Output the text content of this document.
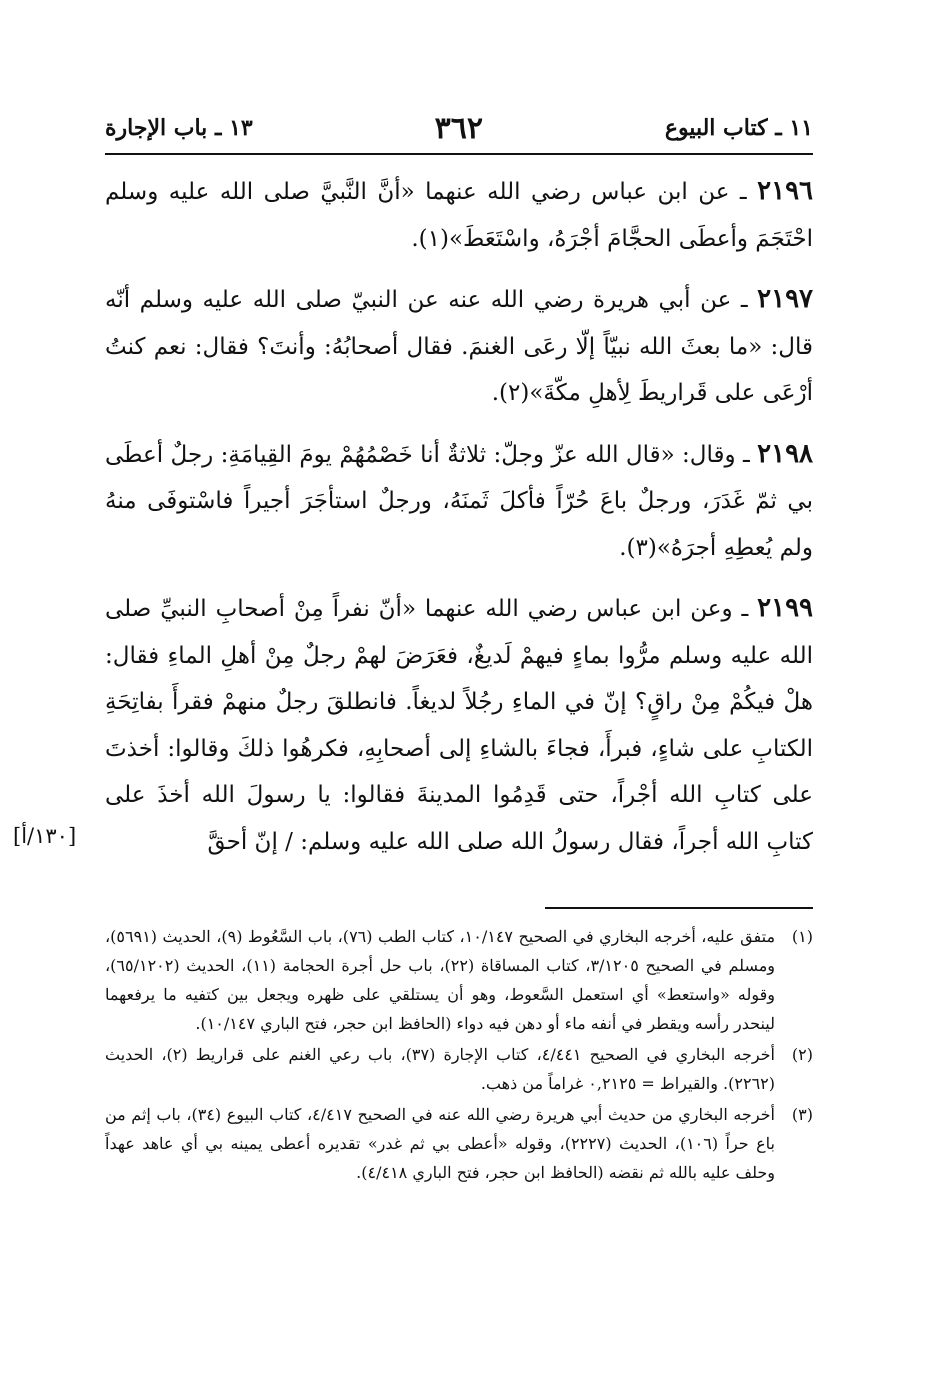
١١ ـ كتاب البيوع
٣٦٢
١٣ ـ باب الإجارة

٢١٩٦ ـ عن ابن عباس رضي الله عنهما «أنَّ النَّبيَّ صلى الله عليه وسلم احْتَجَمَ وأعطَى الحجَّامَ أجْرَهُ، واسْتَعَطَ»(١).

٢١٩٧ ـ عن أبي هريرة رضي الله عنه عن النبيّ صلى الله عليه وسلم أنّه قال: «ما بعثَ الله نبيّاً إلّا رعَى الغنمَ. فقال أصحابُهُ: وأنتَ؟ فقال: نعم كنتُ أرْعَى على قَراريطَ لِأهلِ مكّةَ»(٢).

٢١٩٨ ـ وقال: «قال الله عزّ وجلّ: ثلاثةٌ أنا خَصْمُهُمْ يومَ القِيامَةِ: رجلٌ أعطَى بي ثمّ غَدَرَ، ورجلٌ باعَ حُرّاً فأكلَ ثَمنَهُ، ورجلٌ استأجَرَ أجيراً فاسْتوفَى منهُ ولم يُعطِهِ أجرَهُ»(٣).

٢١٩٩ ـ وعن ابن عباس رضي الله عنهما «أنّ نفراً مِنْ أصحابِ النبيِّ صلى الله عليه وسلم مرُّوا بماءٍ فيهمْ لَديغٌ، فعَرَضَ لهمْ رجلٌ مِنْ أهلِ الماءِ فقال: هلْ فيكُمْ مِنْ راقٍ؟ إنّ في الماءِ رجُلاً لديغاً. فانطلقَ رجلٌ منهمْ فقرأَ بفاتِحَةِ الكتابِ على شاءٍ، فبرأَ، فجاءَ بالشاءِ إلى أصحابِهِ، فكرهُوا ذلكَ وقالوا: أخذتَ على كتابِ الله أجْراً، حتى قَدِمُوا المدينةَ فقالوا: يا رسولَ الله أخذَ على كتابِ الله أجراً، فقال رسولُ الله صلى الله عليه وسلم: / إنّ أحقَّ
[١٣٠/أ]

(١)
متفق عليه، أخرجه البخاري في الصحيح ١٠/١٤٧، كتاب الطب (٧٦)، باب السَّعُوط (٩)، الحديث (٥٦٩١)، ومسلم في الصحيح ٣/١٢٠٥، كتاب المساقاة (٢٢)، باب حل أجرة الحجامة (١١)، الحديث (٦٥/١٢٠٢)، وقوله «واستعط» أي استعمل السَّعوط، وهو أن يستلقي على ظهره ويجعل بين كتفيه ما يرفعهما لينحدر رأسه ويقطر في أنفه ماء أو دهن فيه دواء (الحافظ ابن حجر، فتح الباري ١٠/١٤٧).
(٢)
أخرجه البخاري في الصحيح ٤/٤٤١، كتاب الإجارة (٣٧)، باب رعي الغنم على قراريط (٢)، الحديث (٢٢٦٢). والقيراط = ٠,٢١٢٥ غراماً من ذهب.
(٣)
أخرجه البخاري من حديث أبي هريرة رضي الله عنه في الصحيح ٤/٤١٧، كتاب البيوع (٣٤)، باب إثم من باع حراً (١٠٦)، الحديث (٢٢٢٧)، وقوله «أعطى بي ثم غدر» تقديره أعطى يمينه بي أي عاهد عهداً وحلف عليه بالله ثم نقضه (الحافظ ابن حجر، فتح الباري ٤/٤١٨).
